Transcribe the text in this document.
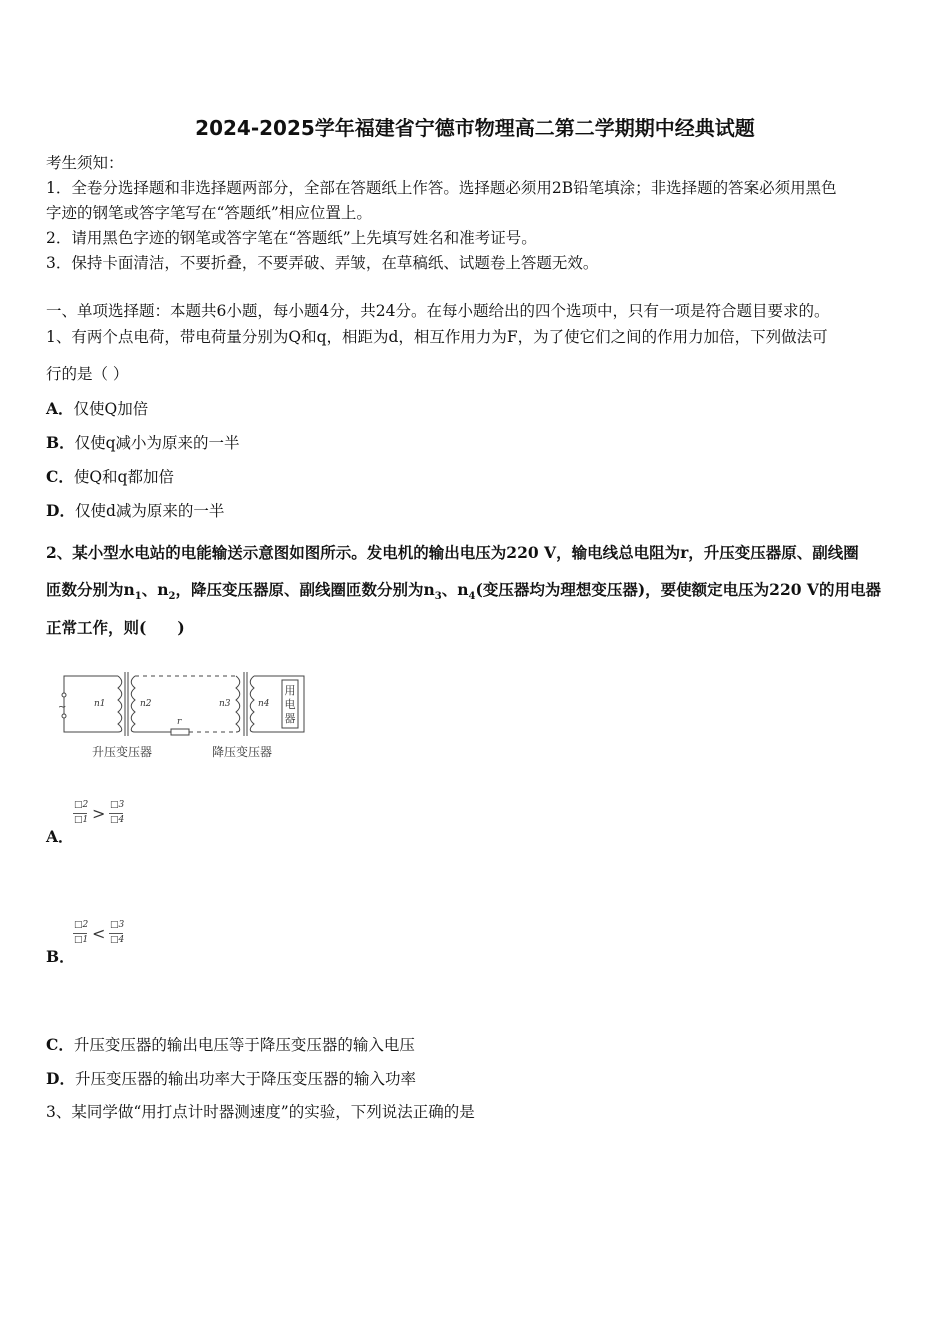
2024-2025学年福建省宁德市物理高二第二学期期中经典试题
考生须知：
1．全卷分选择题和非选择题两部分，全部在答题纸上作答。选择题必须用2B铅笔填涂；非选择题的答案必须用黑色
字迹的钢笔或答字笔写在“答题纸”相应位置上。
2．请用黑色字迹的钢笔或答字笔在“答题纸”上先填写姓名和准考证号。
3．保持卡面清洁，不要折叠，不要弄破、弄皱，在草稿纸、试题卷上答题无效。
一、单项选择题：本题共6小题，每小题4分，共24分。在每小题给出的四个选项中，只有一项是符合题目要求的。
1、有两个点电荷，带电荷量分别为Q和q，相距为d，相互作用力为F，为了使它们之间的作用力加倍，下列做法可
行的是（ ）
A．仅使Q加倍
B．仅使q减小为原来的一半
C．使Q和q都加倍
D．仅使d减为原来的一半
2、某小型水电站的电能输送示意图如图所示。发电机的输出电压为220 V，输电线总电阻为r，升压变压器原、副线圈
匝数分别为$n_1$、$n_2$，降压变压器原、副线圈匝数分别为$n_3$、$n_4$(变压器均为理想变压器)，要使额定电压为220 V的用电器
正常工作，则(　　)
n1	n2	n3	n4
r
~
用
电
器
升压变压器	降压变压器
A．
□2
□1 > □3
□4
B．
□2
□1 < □3
□4
C．升压变压器的输出电压等于降压变压器的输入电压
D．升压变压器的输出功率大于降压变压器的输入功率
3、某同学做“用打点计时器测速度”的实验，下列说法正确的是
